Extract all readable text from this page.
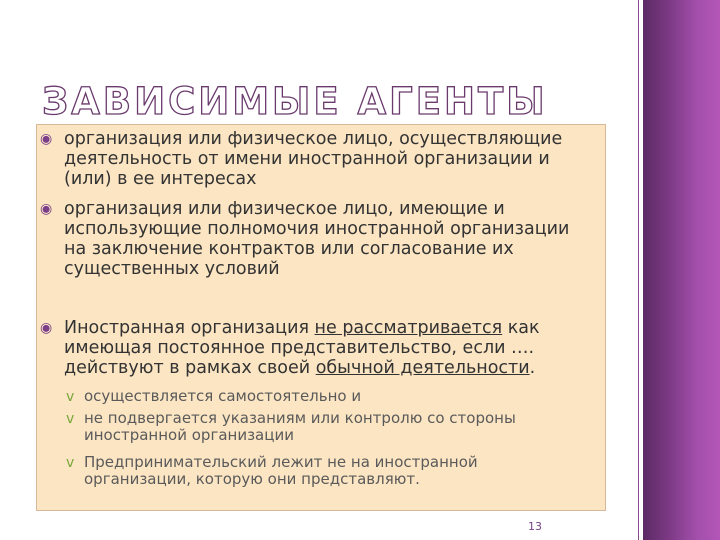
ЗАВИСИМЫЕ АГЕНТЫ
◉ организация или физическое лицо, осуществляющие деятельность от имени иностранной организации и (или) в ее интересах
◉ организация или физическое лицо, имеющие и использующие полномочия иностранной организации на заключение контрактов или согласование их существенных условий
◉ Иностранная организация не рассматривается как имеющая постоянное представительство, если …. действуют в рамках своей обычной деятельности.
v осуществляется самостоятельно и
v не подвергается указаниям или контролю со стороны
иностранной организации
v Предпринимательский лежит не на иностранной
организации, которую они представляют.
13
